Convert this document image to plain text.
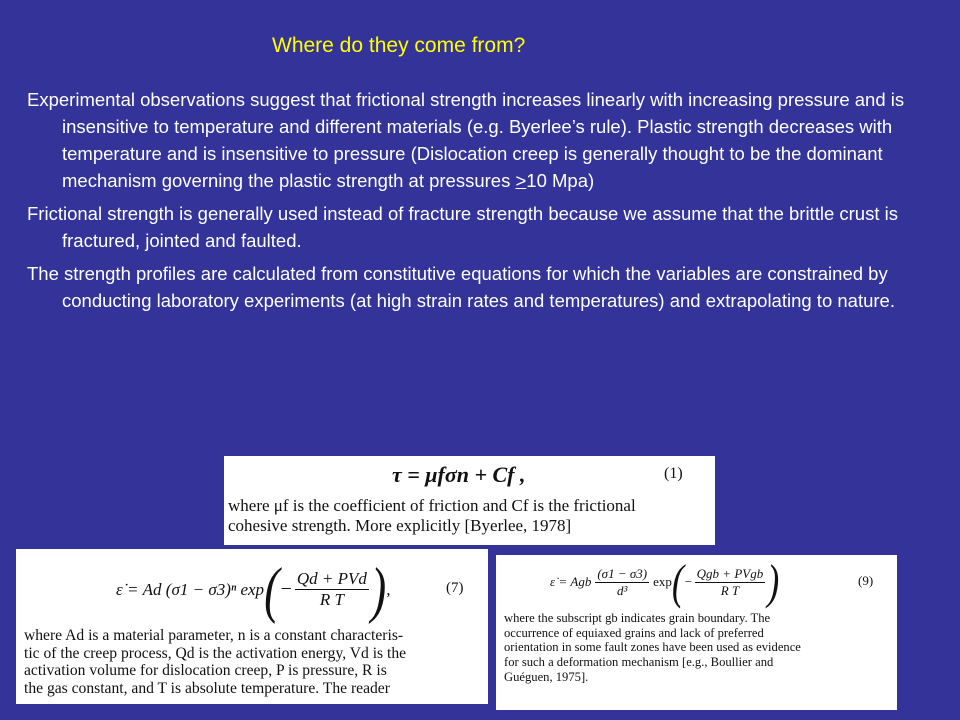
Where do they come from?

Experimental observations suggest that frictional strength increases linearly with increasing pressure and is insensitive to temperature and different materials (e.g. Byerlee’s rule). Plastic strength decreases with temperature and is insensitive to pressure (Dislocation creep is generally thought to be the dominant mechanism governing the plastic strength at pressures ≥10 Mpa)

Frictional strength is generally used instead of fracture strength because we assume that the brittle crust is fractured, jointed and faulted.

The strength profiles are calculated from constitutive equations for which the variables are constrained by conducting laboratory experiments (at high strain rates and temperatures) and extrapolating to nature.

τ = μfσn + Cf ,	(1)
where μf is the coefficient of friction and Cf is the frictional
cohesive strength. More explicitly [Byerlee, 1978]
ε̇ = Ad (σ1 − σ3)ⁿ exp ( − $\frac{\text{Qd + PVd}}{\text{R T}}$ ) ,	(7)
where Ad is a material parameter, n is a constant characteris-
tic of the creep process, Qd is the activation energy, Vd is the
activation volume for dislocation creep, P is pressure, R is
the gas constant, and T is absolute temperature. The reader
ε̇ = Agb $\frac{(\sigma 1 - \sigma 3)}{\text{d³}}$ exp ( − $\frac{\text{Qgb + PVgb}}{\text{R T}}$ )	(9)
where the subscript gb indicates grain boundary. The
occurrence of equiaxed grains and lack of preferred
orientation in some fault zones have been used as evidence
for such a deformation mechanism [e.g., Boullier and
Guéguen, 1975].
